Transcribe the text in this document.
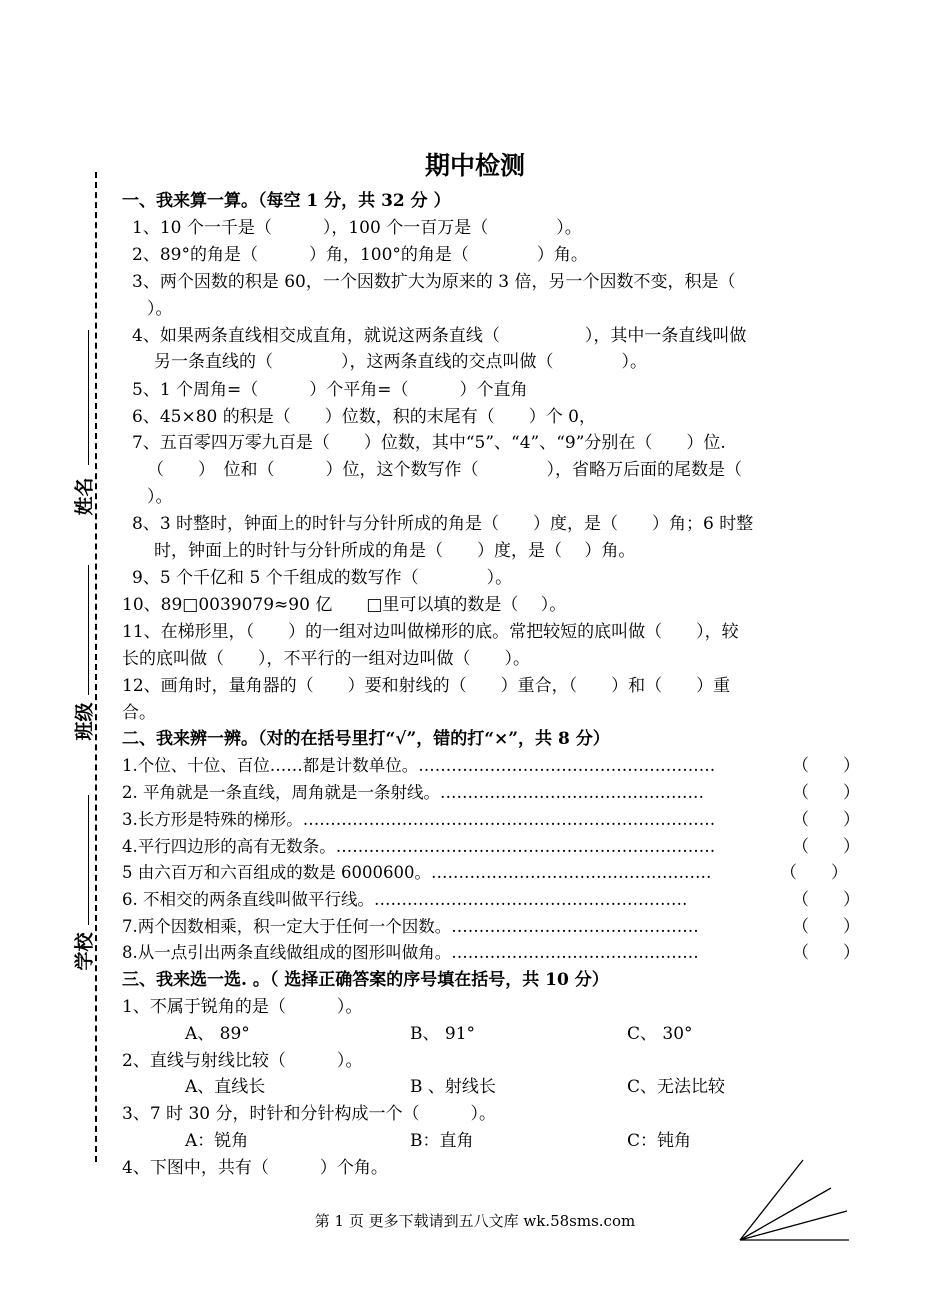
期中检测
姓名
班级
学校
一、我来算一算。（每空 1 分，共 32 分 ）
1、10 个一千是（　　　），100 个一百万是（　　　　）。
2、89°的角是（　　　）角，100°的角是（　　　　）角。
3、两个因数的积是 60，一个因数扩大为原来的 3 倍，另一个因数不变，积是（
）。
4、如果两条直线相交成直角，就说这两条直线（　　　　　），其中一条直线叫做
另一条直线的（　　　　），这两条直线的交点叫做（　　　　）。
5、1 个周角=（　　　）个平角=（　　　）个直角
6、45×80 的积是（　　）位数，积的末尾有（　　）个 0，
7、五百零四万零九百是（　　）位数，其中“5”、“4”、“9”分别在（　　）位.
（　　）　位和（　　　）位，这个数写作（　　　　），省略万后面的尾数是（
）。
8、3 时整时，钟面上的时针与分针所成的角是（　　）度，是（　　）角；6 时整
时，钟面上的时针与分针所成的角是（　　）度，是（　 ）角。
9、5 个千亿和 5 个千组成的数写作（　　　　）。
10、89□0039079≈90 亿　　□里可以填的数是（　 ）。
11、在梯形里，（　　）的一组对边叫做梯形的底。常把较短的底叫做（　　），较
长的底叫做（　　），不平行的一组对边叫做（　　）。
12、画角时，量角器的（　　）要和射线的（　　）重合，（　　）和（　　）重
合。
二、我来辨一辨。（对的在括号里打“√”，错的打“×”，共 8 分）
1.个位、十位、百位……都是计数单位。………………………………………………	（　　）
2. 平角就是一条直线，周角就是一条射线。…………………………………………	（　　）
3.长方形是特殊的梯形。…………………………………………………………………	（　　）
4.平行四边形的高有无数条。……………………………………………………………	（　　）
5 由六百万和六百组成的数是 6000600。……………………………………………	（　　）
6. 不相交的两条直线叫做平行线。…………………………………………………	（　　）
7.两个因数相乘，积一定大于任何一个因数。………………………………………	（　　）
8.从一点引出两条直线做组成的图形叫做角。………………………………………	（　　）
三、我来选一选. 。（ 选择正确答案的序号填在括号，共 10 分）
1、不属于锐角的是（　　　）。
A、 89°	B、 91°	C、 30°
2、直线与射线比较（　　　）。
A、直线长	B 、射线长	C、无法比较
3、7 时 30 分，时针和分针构成一个（　　　）。
A：锐角	B：直角	C：钝角
4、下图中，共有（　　　）个角。
第 1 页 更多下载请到五八文库 wk.58sms.com
